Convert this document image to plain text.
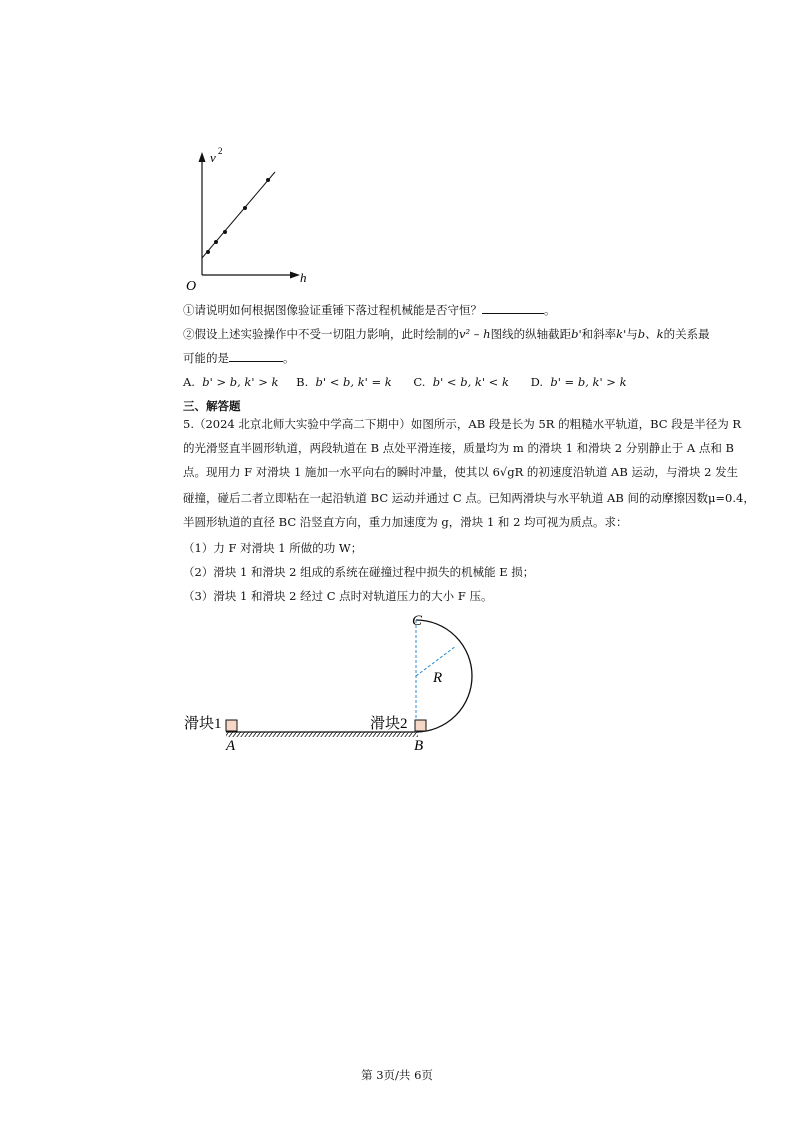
v 2
h
O
①请说明如何根据图像验证重锤下落过程机械能是否守恒？	。
②假设上述实验操作中不受一切阻力影响，此时绘制的v² – h图线的纵轴截距b'和斜率k'与b、k的关系最
可能的是	。
A. b' > b, k' > k B. b' < b, k' = k C. b' < b, k' < k D. b' = b, k' > k
三、解答题
5.（2024 北京北师大实验中学高二下期中）如图所示，AB 段是长为 5R 的粗糙水平轨道，BC 段是半径为 R
的光滑竖直半圆形轨道，两段轨道在 B 点处平滑连接，质量均为 m 的滑块 1 和滑块 2 分别静止于 A 点和 B
点。现用力 F 对滑块 1 施加一水平向右的瞬时冲量，使其以 6√gR 的初速度沿轨道 AB 运动，与滑块 2 发生
碰撞，碰后二者立即粘在一起沿轨道 BC 运动并通过 C 点。已知两滑块与水平轨道 AB 间的动摩擦因数μ=0.4，
半圆形轨道的直径 BC 沿竖直方向，重力加速度为 g，滑块 1 和 2 均可视为质点。求：
（1）力 F 对滑块 1 所做的功 W；
（2）滑块 1 和滑块 2 组成的系统在碰撞过程中损失的机械能 E 损；
（3）滑块 1 和滑块 2 经过 C 点时对轨道压力的大小 F 压。
C
R
A	B
滑块1	滑块2
第 3页/共 6页
